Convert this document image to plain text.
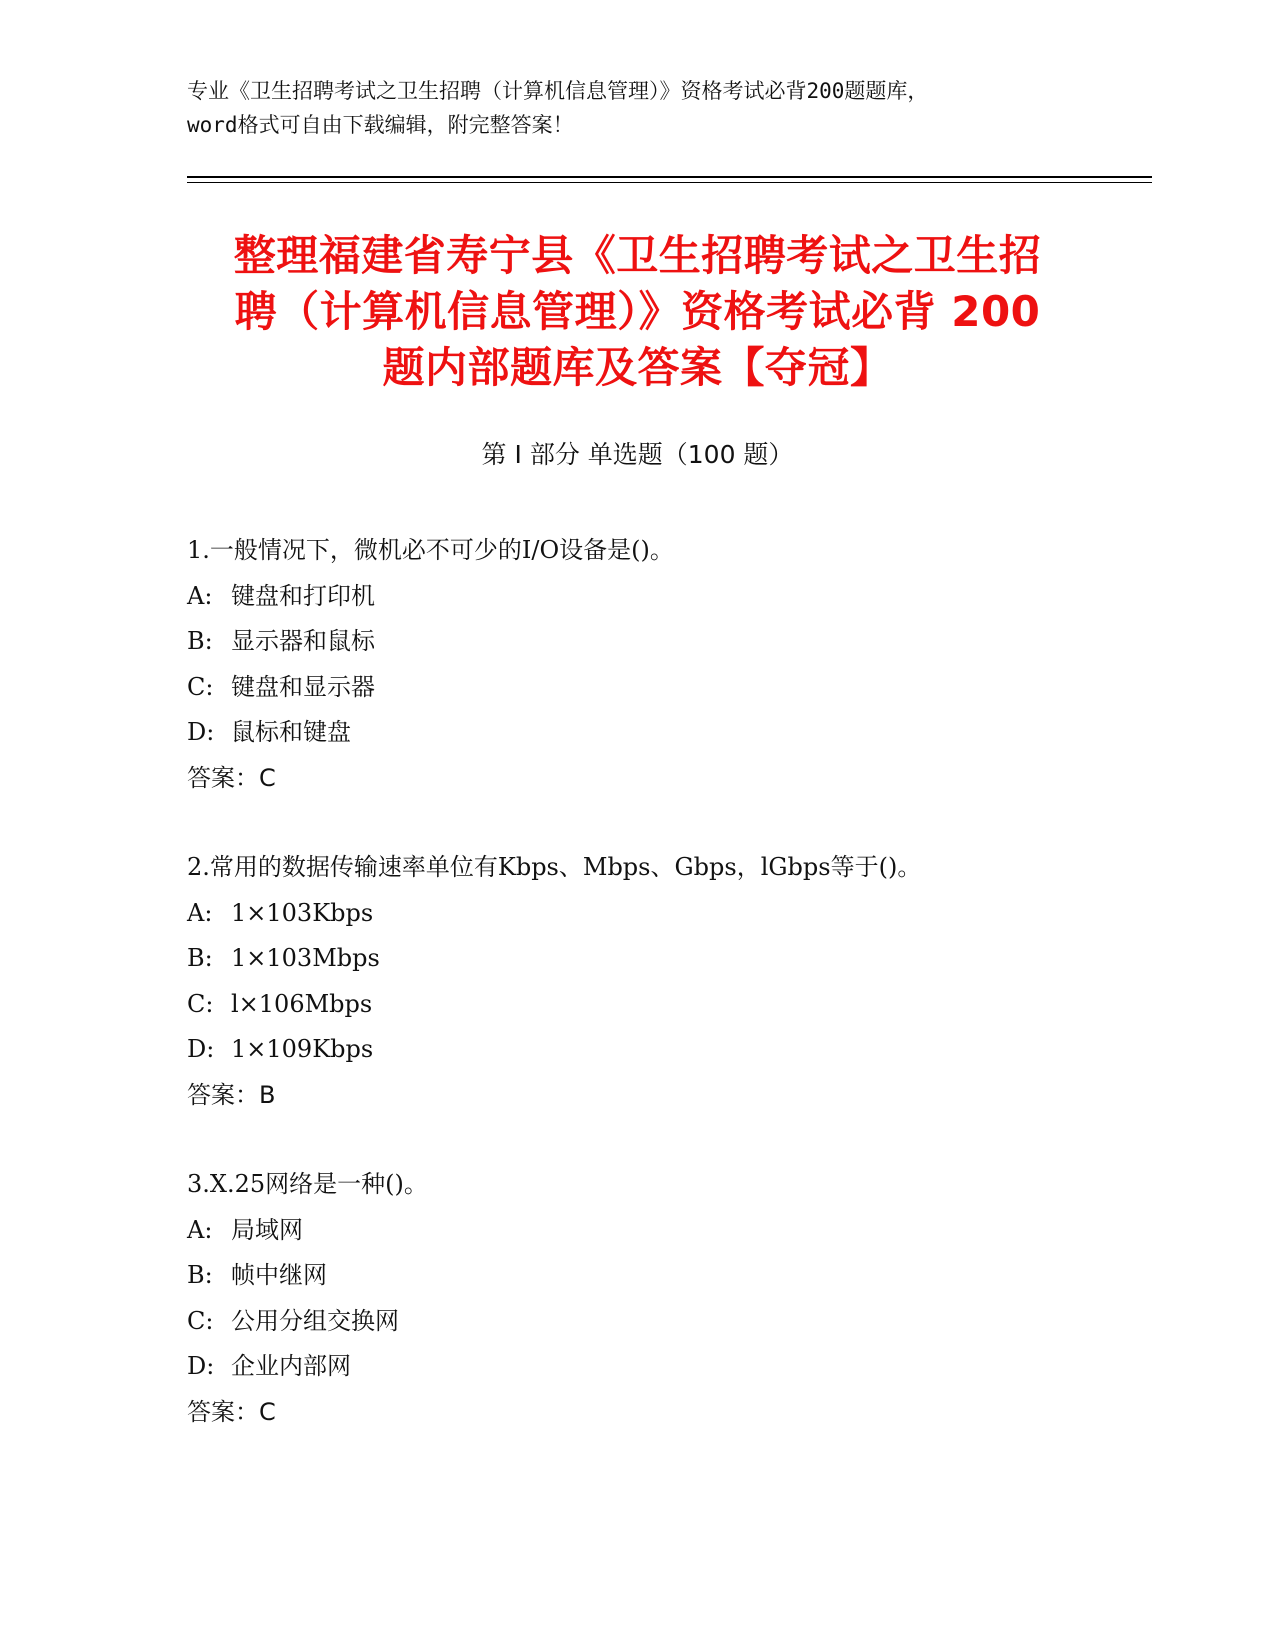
专业《卫生招聘考试之卫生招聘（计算机信息管理）》资格考试必背200题题库，
word格式可自由下载编辑，附完整答案！
整理福建省寿宁县《卫生招聘考试之卫生招
聘（计算机信息管理）》资格考试必背 200
题内部题库及答案【夺冠】
第 I 部分 单选题（100 题）
1.一般情况下，微机必不可少的I/O设备是()。
A: 键盘和打印机
B: 显示器和鼠标
C: 键盘和显示器
D: 鼠标和键盘
答案：C
2.常用的数据传输速率单位有Kbps、Mbps、Gbps，lGbps等于()。
A: 1×103Kbps
B: 1×103Mbps
C: l×106Mbps
D: 1×109Kbps
答案：B
3.X.25网络是一种()。
A: 局域网
B: 帧中继网
C: 公用分组交换网
D: 企业内部网
答案：C
